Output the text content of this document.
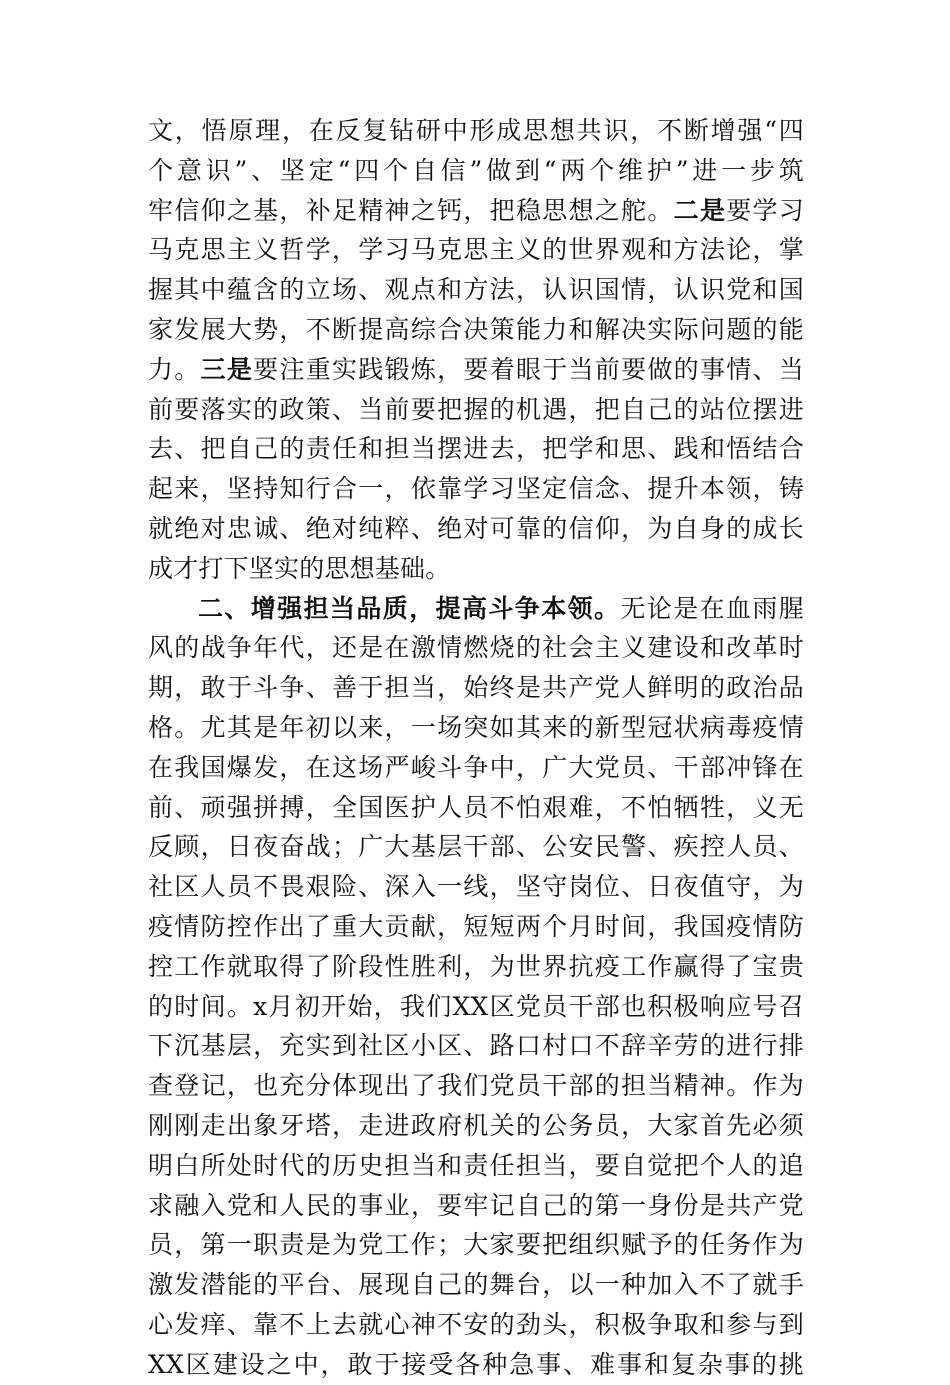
文，悟原理，在反复钻研中形成思想共识，不断增强“四
个意识”、坚定“四个自信”做到“两个维护”进一步筑
牢信仰之基，补足精神之钙，把稳思想之舵。二是要学习
马克思主义哲学，学习马克思主义的世界观和方法论，掌
握其中蕴含的立场、观点和方法，认识国情，认识党和国
家发展大势，不断提高综合决策能力和解决实际问题的能
力。三是要注重实践锻炼，要着眼于当前要做的事情、当
前要落实的政策、当前要把握的机遇，把自己的站位摆进
去、把自己的责任和担当摆进去，把学和思、践和悟结合
起来，坚持知行合一，依靠学习坚定信念、提升本领，铸
就绝对忠诚、绝对纯粹、绝对可靠的信仰，为自身的成长
成才打下坚实的思想基础。
二、增强担当品质，提高斗争本领。无论是在血雨腥
风的战争年代，还是在激情燃烧的社会主义建设和改革时
期，敢于斗争、善于担当，始终是共产党人鲜明的政治品
格。尤其是年初以来，一场突如其来的新型冠状病毒疫情
在我国爆发，在这场严峻斗争中，广大党员、干部冲锋在
前、顽强拼搏，全国医护人员不怕艰难，不怕牺牲，义无
反顾，日夜奋战；广大基层干部、公安民警、疾控人员、
社区人员不畏艰险、深入一线，坚守岗位、日夜值守，为
疫情防控作出了重大贡献，短短两个月时间，我国疫情防
控工作就取得了阶段性胜利，为世界抗疫工作赢得了宝贵
的时间。x月初开始，我们XX区党员干部也积极响应号召
下沉基层，充实到社区小区、路口村口不辞辛劳的进行排
查登记，也充分体现出了我们党员干部的担当精神。作为
刚刚走出象牙塔，走进政府机关的公务员，大家首先必须
明白所处时代的历史担当和责任担当，要自觉把个人的追
求融入党和人民的事业，要牢记自己的第一身份是共产党
员，第一职责是为党工作；大家要把组织赋予的任务作为
激发潜能的平台、展现自己的舞台，以一种加入不了就手
心发痒、靠不上去就心神不安的劲头，积极争取和参与到
XX区建设之中，敢于接受各种急事、难事和复杂事的挑
